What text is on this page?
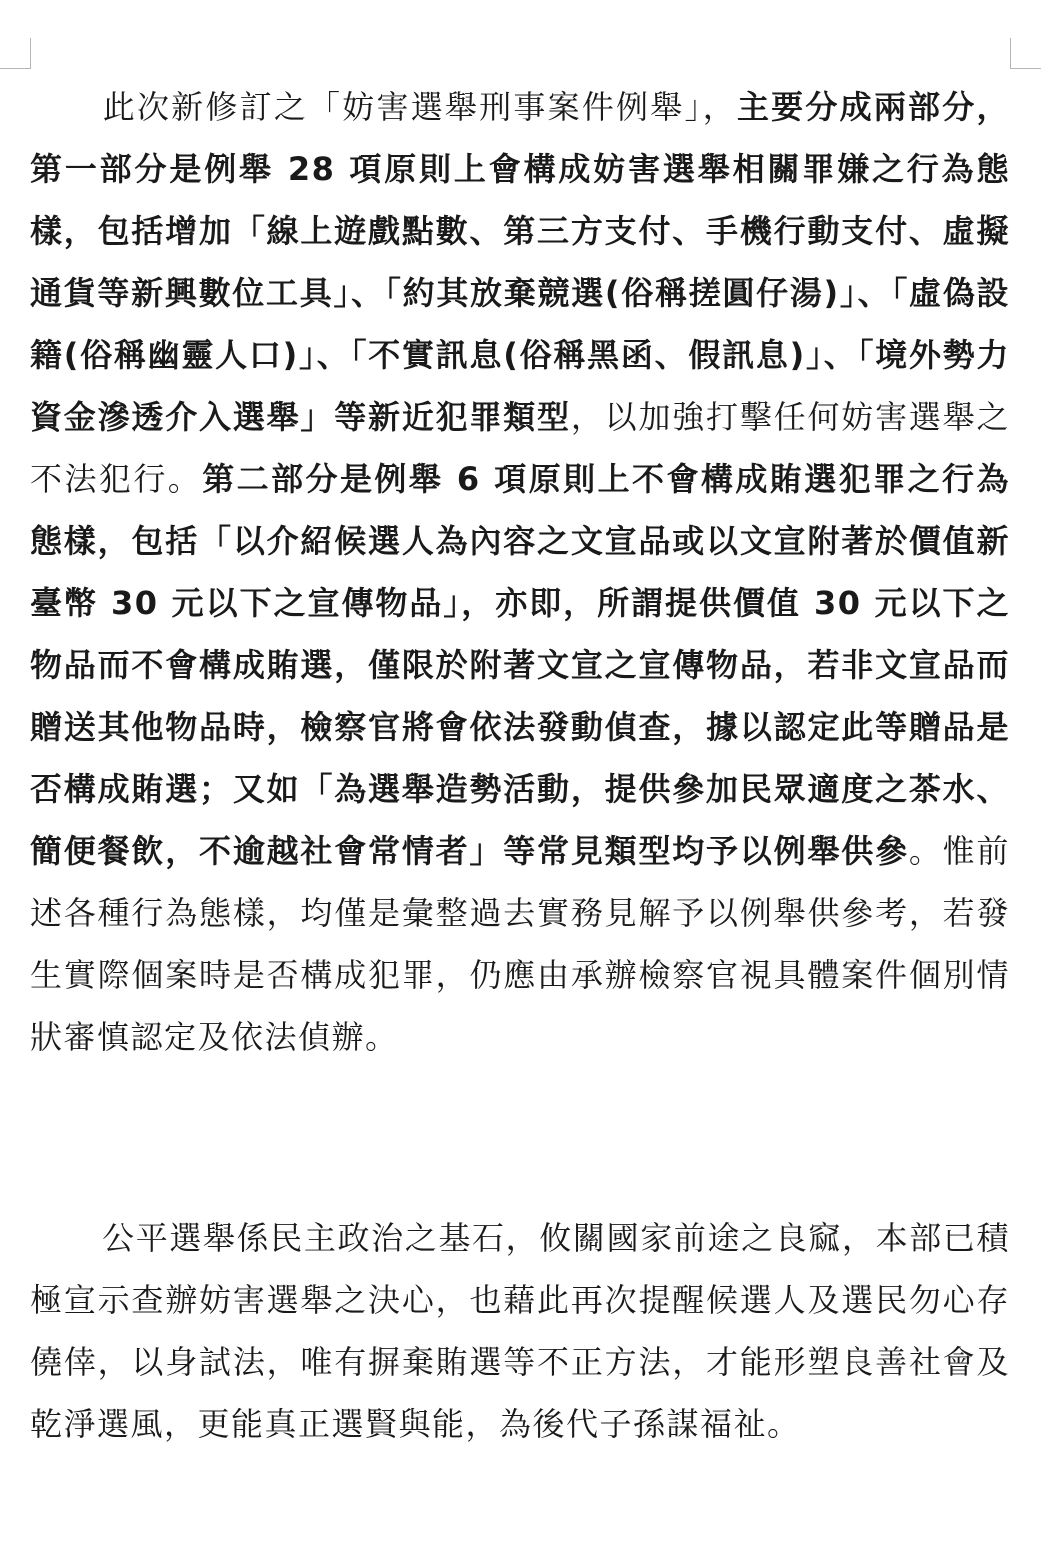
此次新修訂之「妨害選舉刑事案件例舉」，主要分成兩部分，第一部分是例舉 28 項原則上會構成妨害選舉相關罪嫌之行為態樣，包括增加「線上遊戲點數、第三方支付、手機行動支付、虛擬通貨等新興數位工具」、「約其放棄競選(俗稱搓圓仔湯)」、「虛偽設籍(俗稱幽靈人口)」、「不實訊息(俗稱黑函、假訊息)」、「境外勢力資金滲透介入選舉」等新近犯罪類型，以加強打擊任何妨害選舉之不法犯行。第二部分是例舉 6 項原則上不會構成賄選犯罪之行為態樣，包括「以介紹候選人為內容之文宣品或以文宣附著於價值新臺幣 30 元以下之宣傳物品」，亦即，所謂提供價值 30 元以下之物品而不會構成賄選，僅限於附著文宣之宣傳物品，若非文宣品而贈送其他物品時，檢察官將會依法發動偵查，據以認定此等贈品是否構成賄選；又如「為選舉造勢活動，提供參加民眾適度之茶水、簡便餐飲，不逾越社會常情者」等常見類型均予以例舉供參。惟前述各種行為態樣，均僅是彙整過去實務見解予以例舉供參考，若發生實際個案時是否構成犯罪，仍應由承辦檢察官視具體案件個別情狀審慎認定及依法偵辦。

公平選舉係民主政治之基石，攸關國家前途之良窳，本部已積極宣示查辦妨害選舉之決心，也藉此再次提醒候選人及選民勿心存僥倖，以身試法，唯有摒棄賄選等不正方法，才能形塑良善社會及乾淨選風，更能真正選賢與能，為後代子孫謀福祉。
